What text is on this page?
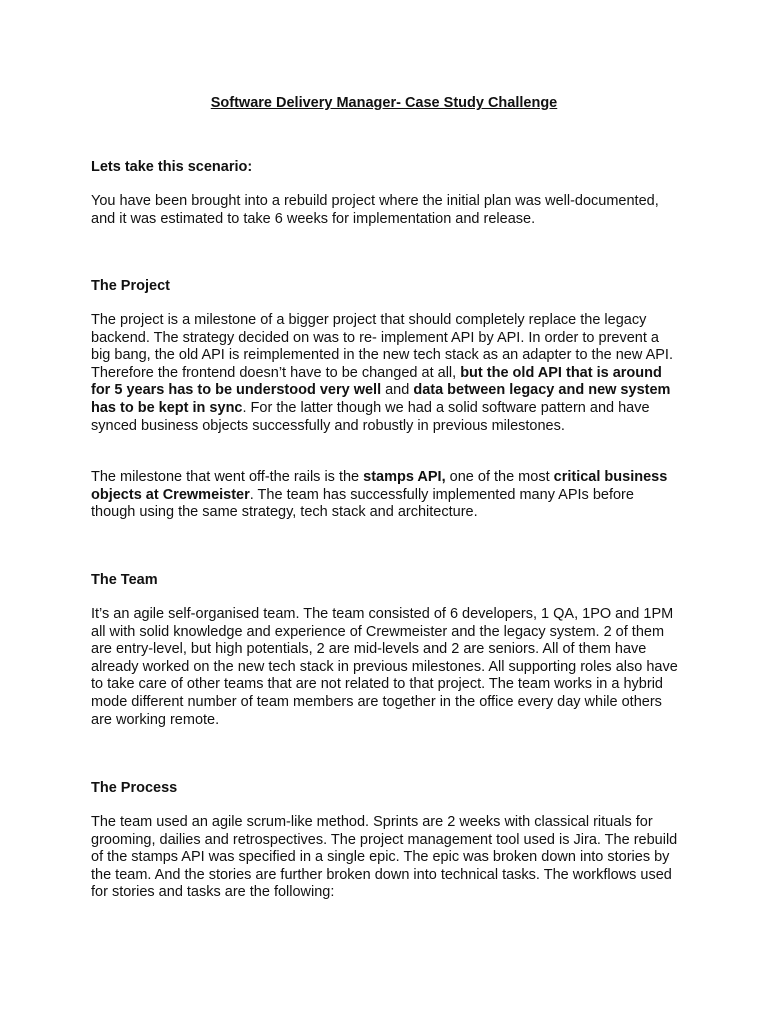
Software Delivery Manager- Case Study Challenge
Lets take this scenario:
You have been brought into a rebuild project where the initial plan was well-documented, and it was estimated to take 6 weeks for implementation and release.
The Project
The project is a milestone of a bigger project that should completely replace the legacy backend. The strategy decided on was to re- implement API by API. In order to prevent a big bang, the old API is reimplemented in the new tech stack as an adapter to the new API. Therefore the frontend doesn’t have to be changed at all, but the old API that is around for 5 years has to be understood very well and data between legacy and new system has to be kept in sync. For the latter though we had a solid software pattern and have synced business objects successfully and robustly in previous milestones.
The milestone that went off-the rails is the stamps API, one of the most critical business objects at Crewmeister. The team has successfully implemented many APIs before though using the same strategy, tech stack and architecture.
The Team
It’s an agile self-organised team. The team consisted of 6 developers, 1 QA, 1PO and 1PM all with solid knowledge and experience of Crewmeister and the legacy system. 2 of them are entry-level, but high potentials, 2 are mid-levels and 2 are seniors. All of them have already worked on the new tech stack in previous milestones. All supporting roles also have to take care of other teams that are not related to that project. The team works in a hybrid mode different number of team members are together in the office every day while others are working remote.
The Process
The team used an agile scrum-like method. Sprints are 2 weeks with classical rituals for grooming, dailies and retrospectives. The project management tool used is Jira. The rebuild of the stamps API was specified in a single epic. The epic was broken down into stories by the team. And the stories are further broken down into technical tasks. The workflows used for stories and tasks are the following:
